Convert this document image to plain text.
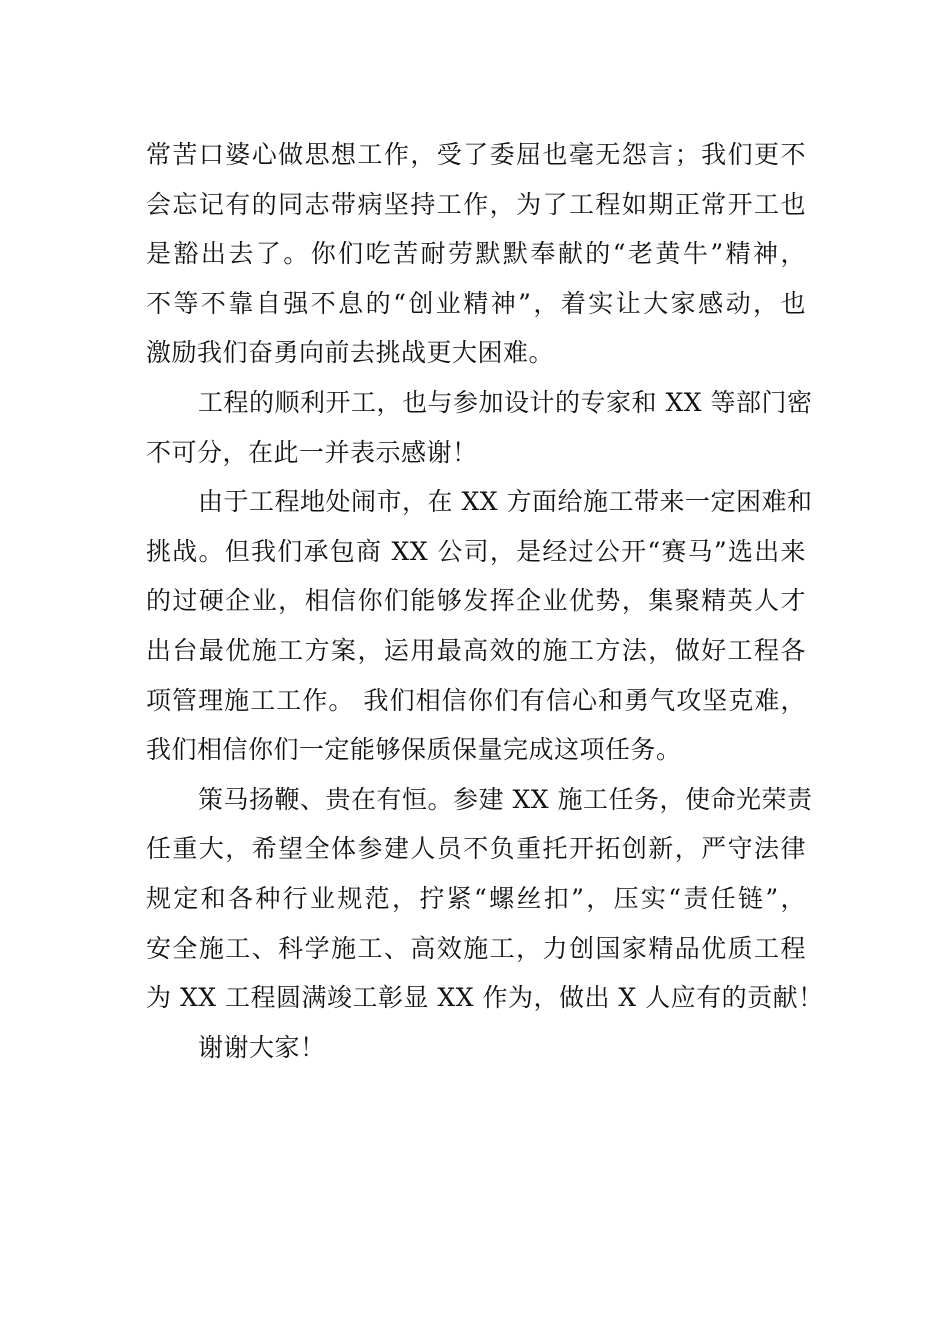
常苦口婆心做思想工作，受了委屈也毫无怨言；我们更不
会忘记有的同志带病坚持工作，为了工程如期正常开工也
是豁出去了。你们吃苦耐劳默默奉献的“老黄牛”精神，
不等不靠自强不息的“创业精神”，着实让大家感动，也
激励我们奋勇向前去挑战更大困难。
工程的顺利开工，也与参加设计的专家和 XX 等部门密
不可分，在此一并表示感谢！
由于工程地处闹市，在 XX 方面给施工带来一定困难和
挑战。但我们承包商 XX 公司，是经过公开“赛马”选出来
的过硬企业，相信你们能够发挥企业优势，集聚精英人才
出台最优施工方案，运用最高效的施工方法，做好工程各
项管理施工工作。 我们相信你们有信心和勇气攻坚克难，
我们相信你们一定能够保质保量完成这项任务。
策马扬鞭、贵在有恒。参建 XX 施工任务，使命光荣责
任重大，希望全体参建人员不负重托开拓创新，严守法律
规定和各种行业规范，拧紧“螺丝扣”，压实“责任链”，
安全施工、科学施工、高效施工，力创国家精品优质工程
为 XX 工程圆满竣工彰显 XX 作为，做出 X 人应有的贡献！
谢谢大家！
